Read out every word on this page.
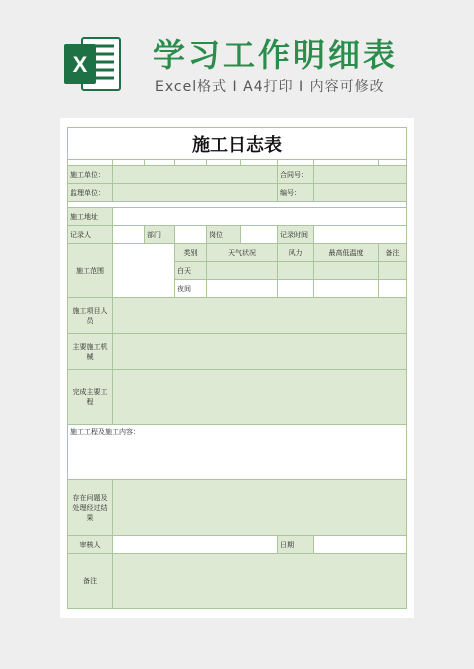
X 学习工作明细表
Excel格式 I A4打印 I 内容可修改
施工日志表								

施工单位：						合同号：		
监理单位：						编号：		

施工地址								
记录人		部门		岗位		记录时间		
施工范围			类别	天气状况		风力	最高低温度	备注
			白天					
			夜间					
施工项目人员								
主要施工机械								
完成主要工程								
施工工程及施工内容：								
存在问题及处理经过结果								
审核人						日期		
备注								
